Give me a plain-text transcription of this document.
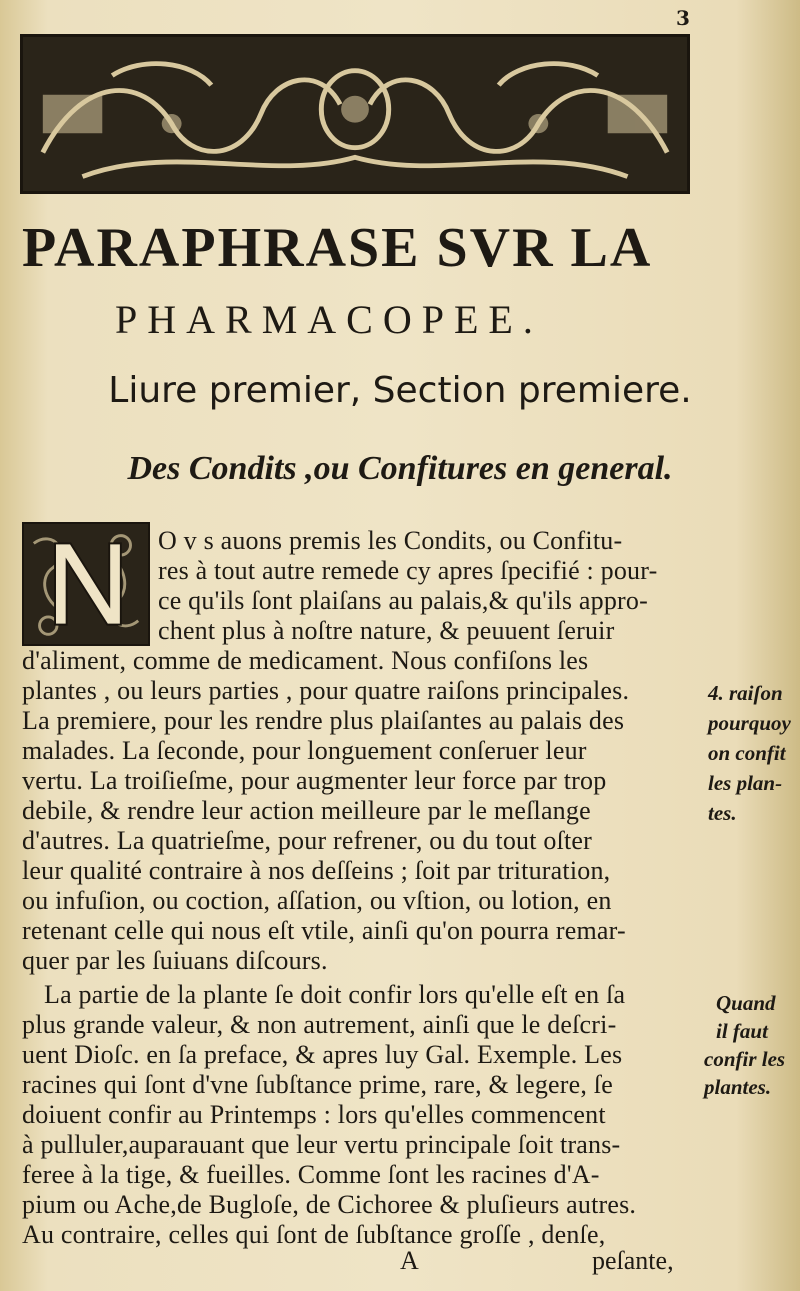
3
PARAPHRASE SVR LA
PHARMACOPEE.
Liure premier, Section premiere.
Des Condits ,ou Confitures en general.
O v s auons premis les Condits, ou Confitu-
res à tout autre remede cy apres ſpecifié : pour-
ce qu'ils ſont plaiſans au palais,& qu'ils appro-
chent plus à noſtre nature, & peuuent ſeruir
d'aliment, comme de medicament. Nous confiſons les
plantes , ou leurs parties , pour quatre raiſons principales.
La premiere, pour les rendre plus plaiſantes au palais des
malades. La ſeconde, pour longuement conſeruer leur
vertu. La troiſieſme, pour augmenter leur force par trop
debile, & rendre leur action meilleure par le meſlange
d'autres. La quatrieſme, pour refrener, ou du tout oſter
leur qualité contraire à nos deſſeins ; ſoit par trituration,
ou infuſion, ou coction, aſſation, ou vſtion, ou lotion, en
retenant celle qui nous eſt vtile, ainſi qu'on pourra remar-
quer par les ſuiuans diſcours.
La partie de la plante ſe doit confir lors qu'elle eſt en ſa
plus grande valeur, & non autrement, ainſi que le deſcri-
uent Dioſc. en ſa preface, & apres luy Gal. Exemple. Les
racines qui ſont d'vne ſubſtance prime, rare, & legere, ſe
doiuent confir au Printemps : lors qu'elles commencent
à pulluler,auparauant que leur vertu principale ſoit trans-
feree à la tige, & fueilles. Comme ſont les racines d'A-
pium ou Ache,de Bugloſe, de Cichoree & pluſieurs autres.
Au contraire, celles qui ſont de ſubſtance groſſe , denſe,
4. raiſon
pourquoy
on confit
les plan-
tes.
Quand
il faut
confir les
plantes.
A	peſante,
